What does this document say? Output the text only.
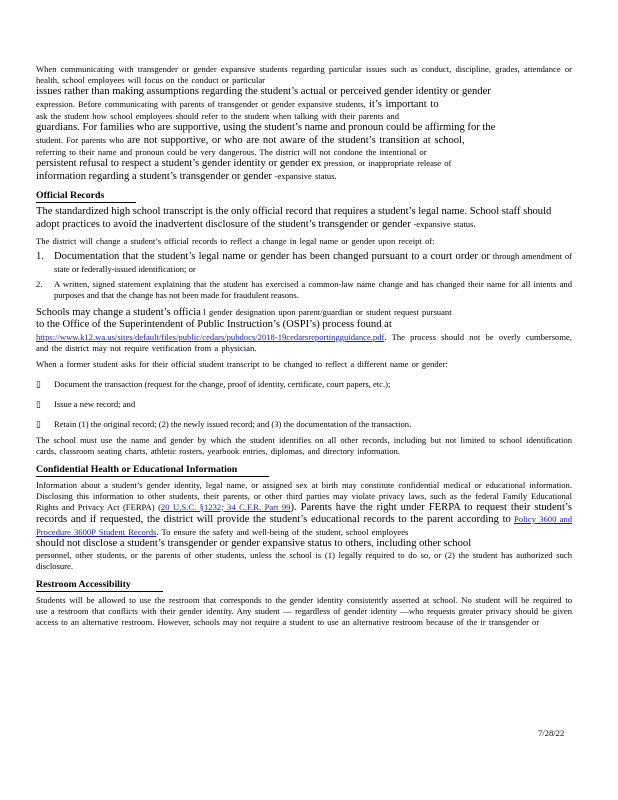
When communicating with transgender or gender expansive students regarding particular issues such as conduct, discipline, grades, attendance or health, school employees will focus on the conduct or particular

issues rather than making assumptions regarding the student’s actual or perceived gender identity or gender

expression. Before communicating with parents of transgender or gender expansive students, it’s important to

ask the student how school employees should refer to the student when talking with their parents and

guardians. For families who are supportive, using the student’s name and pronoun could be affirming for the

student. For parents who are not supportive, or who are not aware of the student’s transition at school,

referring to their name and pronoun could be very dangerous. The district will not condone the intentional or

persistent refusal to respect a student’s gender identity or gender ex pression, or inappropriate release of

information regarding a student’s transgender or gender -expansive status.

Official Records

The standardized high school transcript is the only official record that requires a student’s legal name. School staff should adopt practices to avoid the inadvertent disclosure of the student’s transgender or gender -expansive status.

The district will change a student’s official records to reflect a change in legal name or gender upon receipt of:

1. Documentation that the student’s legal name or gender has been changed pursuant to a court order or through amendment of state or federally-issued identification; or
2.	A written, signed statement explaining that the student has exercised a common-law name change and has changed their name for all intents and purposes and that the change has not been made for fraudulent reasons.

Schools may change a student’s officia l gender designation upon parent/guardian or student request pursuant

to the Office of the Superintendent of Public Instruction’s (OSPI’s) process found at

https://www.k12.wa.us/sites/default/files/public/cedars/pubdocs/2018-19cedarsreportingguidance.pdf. The process should not be overly cumbersome, and the district may not require verification from a physician.

When a former student asks for their official student transcript to be changed to reflect a different name or gender:

▯	Document the transaction (request for the change, proof of identity, certificate, court papers, etc.);
▯	Issue a new record; and
▯	Retain (1) the original record; (2) the newly issued record; and (3) the documentation of the transaction.

The school must use the name and gender by which the student identifies on all other records, including but not limited to school identification cards, classroom seating charts, athletic rosters, yearbook entries, diplomas, and directory information.

Confidential Health or Educational Information

Information about a student’s gender identity, legal name, or assigned sex at birth may constitute confidential medical or educational information. Disclosing this information to other students, their parents, or other third parties may violate privacy laws, such as the federal Family Educational Rights and Privacy Act (FERPA) (20 U.S.C. §1232; 34 C.F.R. Part 99). Parents have the right under FERPA to request their student’s records and if requested, the district will provide the student’s educational records to the parent according to Policy 3600 and Procedure 3600P Student Records. To ensure the safety and well-being of the student, school employees

should not disclose a student’s transgender or gender expansive status to others, including other school

personnel, other students, or the parents of other students, unless the school is (1) legally required to do so, or (2) the student has authorized such disclosure.

Restroom Accessibility

Students will be allowed to use the restroom that corresponds to the gender identity consistently asserted at school. No student will be required to use a restroom that conflicts with their gender identity. Any student — regardless of gender identity —who requests greater privacy should be given access to an alternative restroom. However, schools may not require a student to use an alternative restroom because of the ir transgender or

7/28/22
